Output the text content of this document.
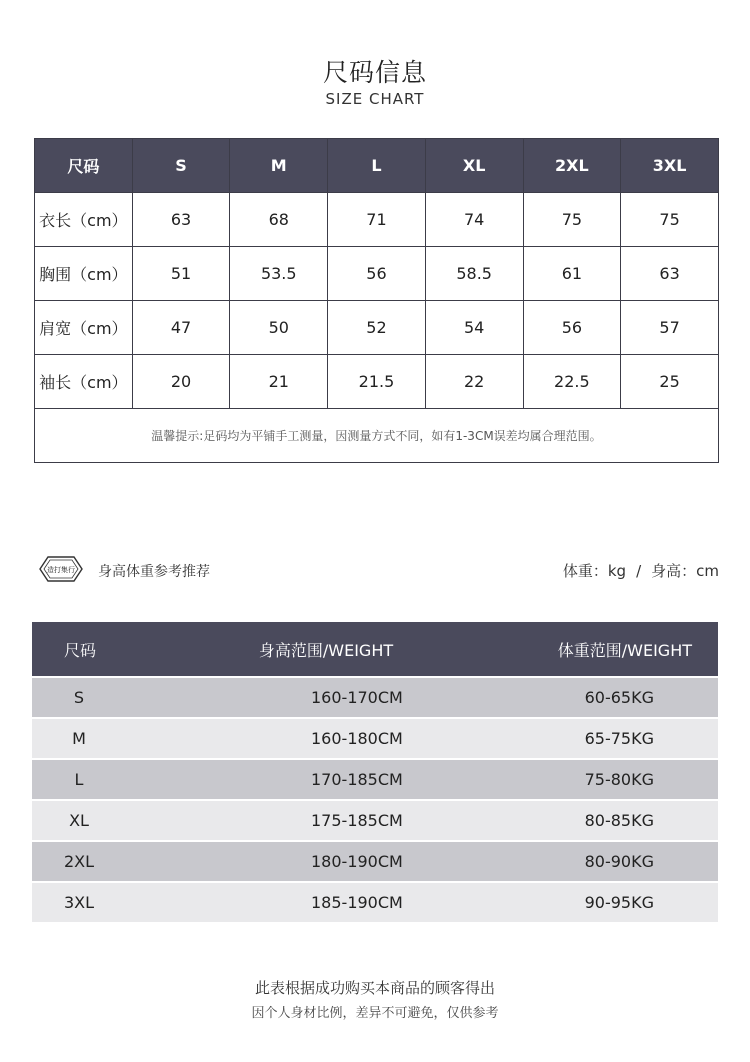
尺码信息
SIZE CHART
尺码	S	M	L	XL	2XL	3XL
衣长（cm）	63	68	71	74	75	75
胸围（cm）	51	53.5	56	58.5	61	63
肩宽（cm）	47	50	52	54	56	57
袖长（cm）	20	21	21.5	22	22.5	25
温馨提示:足码均为平铺手工测量，因测量方式不同，如有1-3CM误差均属合理范围。						
造打集行 身高体重参考推荐	体重：kg / 身高：cm
尺码	身高范围/WEIGHT	体重范围/WEIGHT
S	160-170CM	60-65KG
M	160-180CM	65-75KG
L	170-185CM	75-80KG
XL	175-185CM	80-85KG
2XL	180-190CM	80-90KG
3XL	185-190CM	90-95KG
此表根据成功购买本商品的顾客得出
因个人身材比例，差异不可避免，仅供参考
